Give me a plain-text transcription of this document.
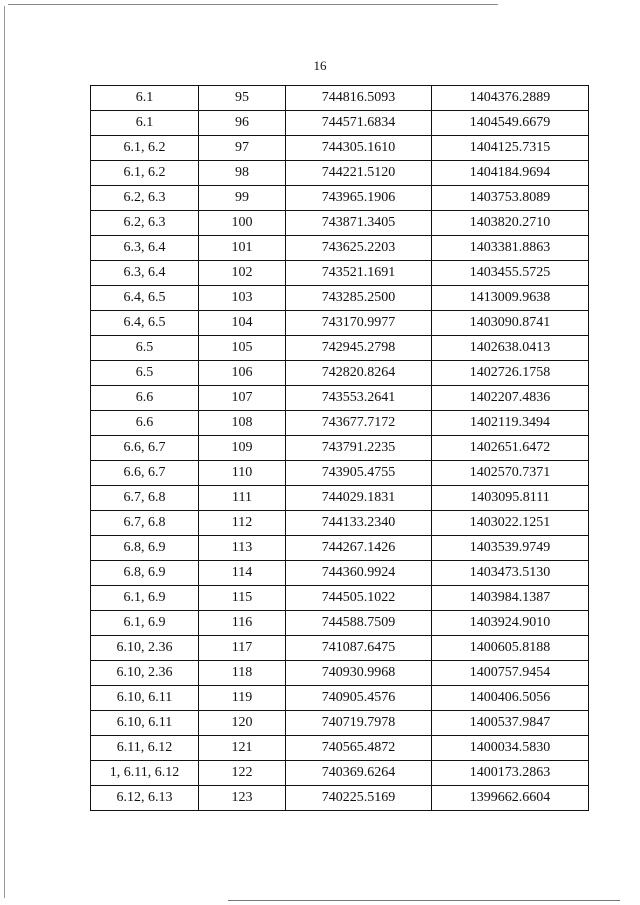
16
6.1	95	744816.5093	1404376.2889
6.1	96	744571.6834	1404549.6679
6.1, 6.2	97	744305.1610	1404125.7315
6.1, 6.2	98	744221.5120	1404184.9694
6.2, 6.3	99	743965.1906	1403753.8089
6.2, 6.3	100	743871.3405	1403820.2710
6.3, 6.4	101	743625.2203	1403381.8863
6.3, 6.4	102	743521.1691	1403455.5725
6.4, 6.5	103	743285.2500	1413009.9638
6.4, 6.5	104	743170.9977	1403090.8741
6.5	105	742945.2798	1402638.0413
6.5	106	742820.8264	1402726.1758
6.6	107	743553.2641	1402207.4836
6.6	108	743677.7172	1402119.3494
6.6, 6.7	109	743791.2235	1402651.6472
6.6, 6.7	110	743905.4755	1402570.7371
6.7, 6.8	111	744029.1831	1403095.8111
6.7, 6.8	112	744133.2340	1403022.1251
6.8, 6.9	113	744267.1426	1403539.9749
6.8, 6.9	114	744360.9924	1403473.5130
6.1, 6.9	115	744505.1022	1403984.1387
6.1, 6.9	116	744588.7509	1403924.9010
6.10, 2.36	117	741087.6475	1400605.8188
6.10, 2.36	118	740930.9968	1400757.9454
6.10, 6.11	119	740905.4576	1400406.5056
6.10, 6.11	120	740719.7978	1400537.9847
6.11, 6.12	121	740565.4872	1400034.5830
1, 6.11, 6.12	122	740369.6264	1400173.2863
6.12, 6.13	123	740225.5169	1399662.6604
